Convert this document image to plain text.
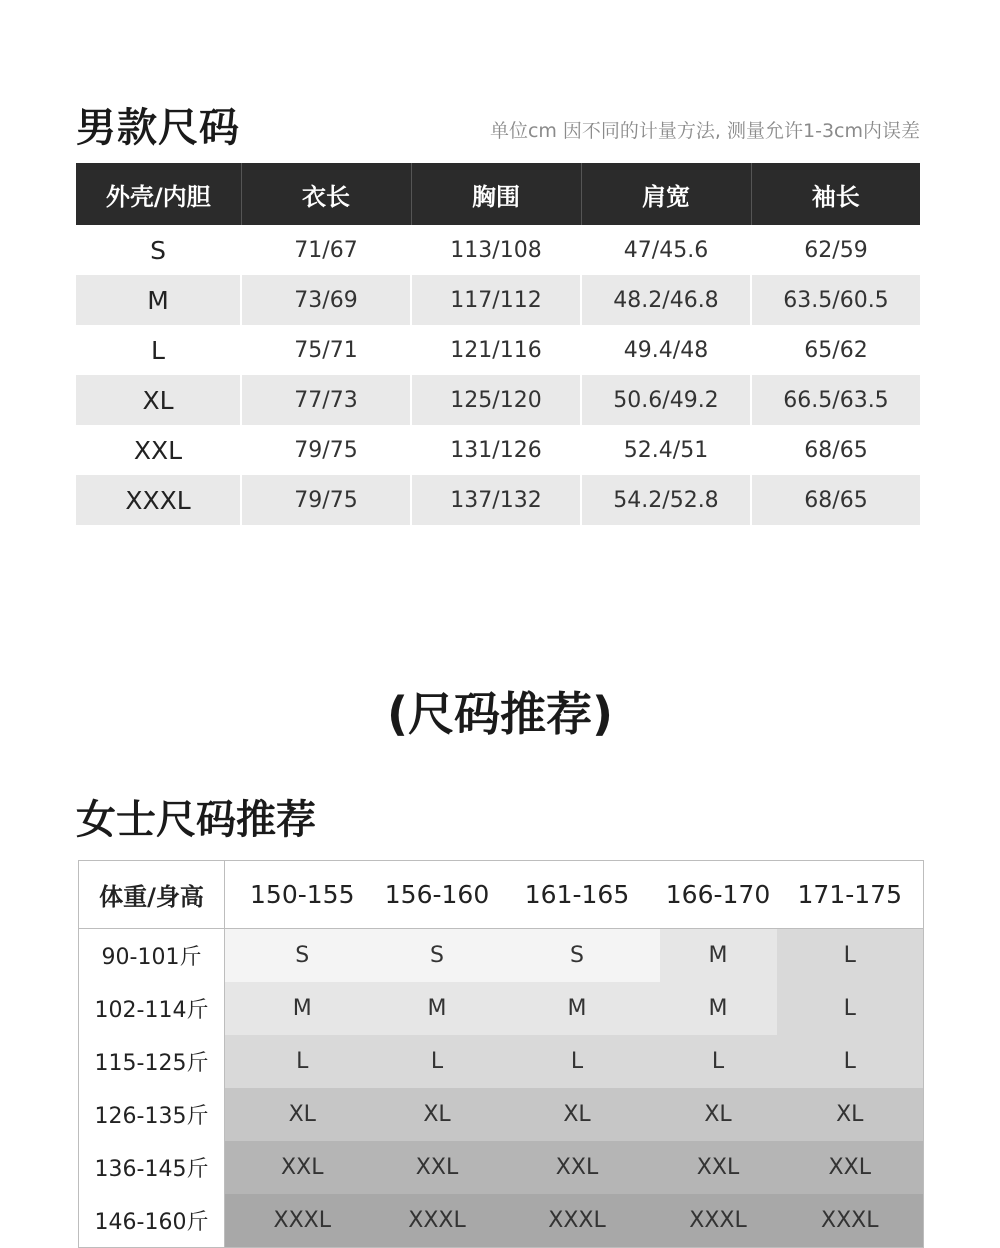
男款尺码	单位cm 因不同的计量方法, 测量允许1-3cm内误差
外壳/内胆	衣长	胸围	肩宽	袖长
S	71/67	113/108	47/45.6	62/59
M	73/69	117/112	48.2/46.8	63.5/60.5
L	75/71	121/116	49.4/48	65/62
XL	77/73	125/120	50.6/49.2	66.5/63.5
XXL	79/75	131/126	52.4/51	68/65
XXXL	79/75	137/132	54.2/52.8	68/65
(尺码推荐)
女士尺码推荐
体重/身高	150-155	156-160	161-165	166-170	171-175
90-101斤	S	S	S	M	L
102-114斤	M	M	M	M	L
115-125斤	L	L	L	L	L
126-135斤	XL	XL	XL	XL	XL
136-145斤	XXL	XXL	XXL	XXL	XXL
146-160斤	XXXL	XXXL	XXXL	XXXL	XXXL
